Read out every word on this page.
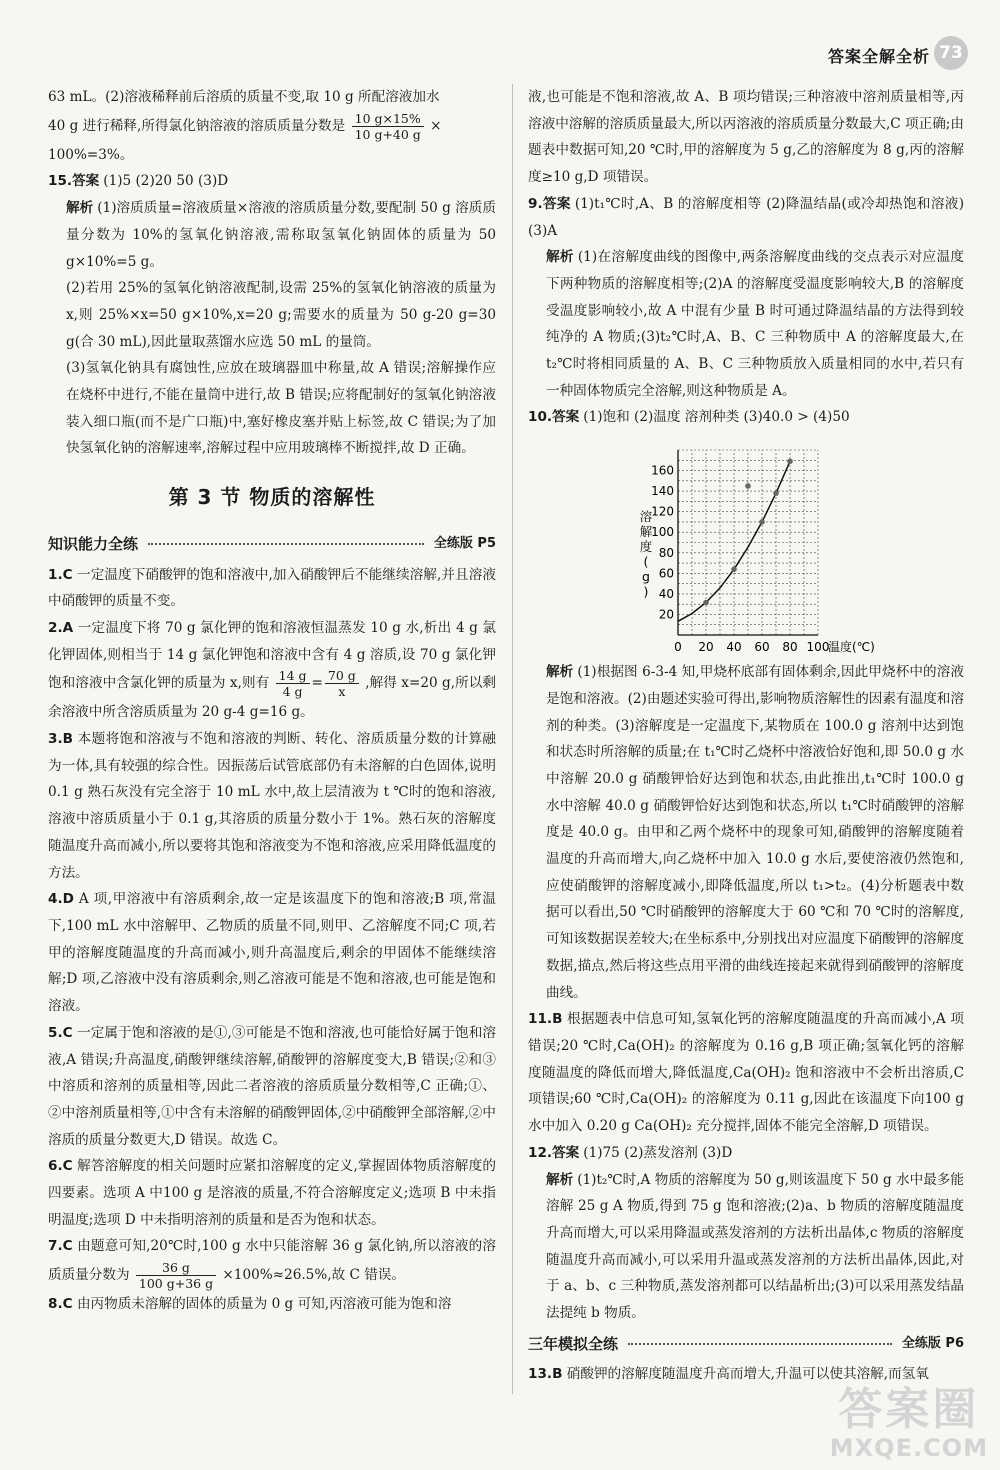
答案全解全析 73

63 mL。(2)溶液稀释前后溶质的质量不变,取 10 g 所配溶液加水

40 g 进行稀释,所得氯化钠溶液的溶质质量分数是 $\frac{10 g\times 15\%}{10 g+40 g}$ ×

100%=3%。

15.答案 (1)5 (2)20 50 (3)D

解析 (1)溶质质量=溶液质量×溶液的溶质质量分数,要配制 50 g 溶质质量分数为 10%的氢氧化钠溶液,需称取氢氧化钠固体的质量为 50 g×10%=5 g。

(2)若用 25%的氢氧化钠溶液配制,设需 25%的氢氧化钠溶液的质量为 x,则 25%×x=50 g×10%,x=20 g;需要水的质量为 50 g-20 g=30 g(合 30 mL),因此量取蒸馏水应选 50 mL 的量筒。

(3)氢氧化钠具有腐蚀性,应放在玻璃器皿中称量,故 A 错误;溶解操作应在烧杯中进行,不能在量筒中进行,故 B 错误;应将配制好的氢氧化钠溶液装入细口瓶(而不是广口瓶)中,塞好橡皮塞并贴上标签,故 C 错误;为了加快氢氧化钠的溶解速率,溶解过程中应用玻璃棒不断搅拌,故 D 正确。

第 3 节 物质的溶解性
知识能力全练	全练版 P5

1.C 一定温度下硝酸钾的饱和溶液中,加入硝酸钾后不能继续溶解,并且溶液中硝酸钾的质量不变。

2.A 一定温度下将 70 g 氯化钾的饱和溶液恒温蒸发 10 g 水,析出 4 g 氯化钾固体,则相当于 14 g 氯化钾饱和溶液中含有 4 g 溶质,设 70 g 氯化钾饱和溶液中含氯化钾的质量为 x,则有 $\frac{14 g}{4 g} = \frac{70 g}{x}$ ,解得 x=20 g,所以剩余溶液中所含溶质质量为 20 g-4 g=16 g。

3.B 本题将饱和溶液与不饱和溶液的判断、转化、溶质质量分数的计算融为一体,具有较强的综合性。因振荡后试管底部仍有未溶解的白色固体,说明 0.1 g 熟石灰没有完全溶于 10 mL 水中,故上层清液为 t ℃时的饱和溶液,溶液中溶质质量小于 0.1 g,其溶质的质量分数小于 1%。熟石灰的溶解度随温度升高而减小,所以要将其饱和溶液变为不饱和溶液,应采用降低温度的方法。

4.D A 项,甲溶液中有溶质剩余,故一定是该温度下的饱和溶液;B 项,常温下,100 mL 水中溶解甲、乙物质的质量不同,则甲、乙溶解度不同;C 项,若甲的溶解度随温度的升高而减小,则升高温度后,剩余的甲固体不能继续溶解;D 项,乙溶液中没有溶质剩余,则乙溶液可能是不饱和溶液,也可能是饱和溶液。

5.C 一定属于饱和溶液的是①,③可能是不饱和溶液,也可能恰好属于饱和溶液,A 错误;升高温度,硝酸钾继续溶解,硝酸钾的溶解度变大,B 错误;②和③中溶质和溶剂的质量相等,因此二者溶液的溶质质量分数相等,C 正确;①、②中溶剂质量相等,①中含有未溶解的硝酸钾固体,②中硝酸钾全部溶解,②中溶质的质量分数更大,D 错误。故选 C。

6.C 解答溶解度的相关问题时应紧扣溶解度的定义,掌握固体物质溶解度的四要素。选项 A 中100 g 是溶液的质量,不符合溶解度定义;选项 B 中未指明温度;选项 D 中未指明溶剂的质量和是否为饱和状态。

7.C 由题意可知,20℃时,100 g 水中只能溶解 36 g 氯化钠,所以溶液的溶质质量分数为 $\frac{36 g}{100 g+36 g} \times 100\%\approx 26.5\%$,故 C 错误。

8.C 由丙物质未溶解的固体的质量为 0 g 可知,丙溶液可能为饱和溶

液,也可能是不饱和溶液,故 A、B 项均错误;三种溶液中溶剂质量相等,丙溶液中溶解的溶质质量最大,所以丙溶液的溶质质量分数最大,C 项正确;由题表中数据可知,20 ℃时,甲的溶解度为 5 g,乙的溶解度为 8 g,丙的溶解度≥10 g,D 项错误。

9.答案 (1)t₁℃时,A、B 的溶解度相等 (2)降温结晶(或冷却热饱和溶液) (3)A

解析 (1)在溶解度曲线的图像中,两条溶解度曲线的交点表示对应温度下两种物质的溶解度相等;(2)A 的溶解度受温度影响较大,B 的溶解度受温度影响较小,故 A 中混有少量 B 时可通过降温结晶的方法得到较纯净的 A 物质;(3)t₂℃时,A、B、C 三种物质中 A 的溶解度最大,在 t₂℃时将相同质量的 A、B、C 三种物质放入质量相同的水中,若只有一种固体物质完全溶解,则这种物质是 A。

10.答案 (1)饱和 (2)温度 溶剂种类 (3)40.0 > (4)50

20
40
60
80
100
120
140
160
0 20 40 60 80 100
温度(℃)
溶
解
度
(
g
)

解析 (1)根据图 6-3-4 知,甲烧杯底部有固体剩余,因此甲烧杯中的溶液是饱和溶液。(2)由题述实验可得出,影响物质溶解性的因素有温度和溶剂的种类。(3)溶解度是一定温度下,某物质在 100.0 g 溶剂中达到饱和状态时所溶解的质量;在 t₁℃时乙烧杯中溶液恰好饱和,即 50.0 g 水中溶解 20.0 g 硝酸钾恰好达到饱和状态,由此推出,t₁℃时 100.0 g 水中溶解 40.0 g 硝酸钾恰好达到饱和状态,所以 t₁℃时硝酸钾的溶解度是 40.0 g。由甲和乙两个烧杯中的现象可知,硝酸钾的溶解度随着温度的升高而增大,向乙烧杯中加入 10.0 g 水后,要使溶液仍然饱和,应使硝酸钾的溶解度减小,即降低温度,所以 t₁>t₂。(4)分析题表中数据可以看出,50 ℃时硝酸钾的溶解度大于 60 ℃和 70 ℃时的溶解度,可知该数据误差较大;在坐标系中,分别找出对应温度下硝酸钾的溶解度数据,描点,然后将这些点用平滑的曲线连接起来就得到硝酸钾的溶解度曲线。

11.B 根据题表中信息可知,氢氧化钙的溶解度随温度的升高而减小,A 项错误;20 ℃时,Ca(OH)₂ 的溶解度为 0.16 g,B 项正确;氢氧化钙的溶解度随温度的降低而增大,降低温度,Ca(OH)₂ 饱和溶液中不会析出溶质,C 项错误;60 ℃时,Ca(OH)₂ 的溶解度为 0.11 g,因此在该温度下向100 g 水中加入 0.20 g Ca(OH)₂ 充分搅拌,固体不能完全溶解,D 项错误。

12.答案 (1)75 (2)蒸发溶剂 (3)D

解析 (1)t₂℃时,A 物质的溶解度为 50 g,则该温度下 50 g 水中最多能溶解 25 g A 物质,得到 75 g 饱和溶液;(2)a、b 物质的溶解度随温度升高而增大,可以采用降温或蒸发溶剂的方法析出晶体,c 物质的溶解度随温度升高而减小,可以采用升温或蒸发溶剂的方法析出晶体,因此,对于 a、b、c 三种物质,蒸发溶剂都可以结晶析出;(3)可以采用蒸发结晶法提纯 b 物质。

三年模拟全练	全练版 P6

13.B 硝酸钾的溶解度随温度升高而增大,升温可以使其溶解,而氢氧

答案圈
MXQE.COM
